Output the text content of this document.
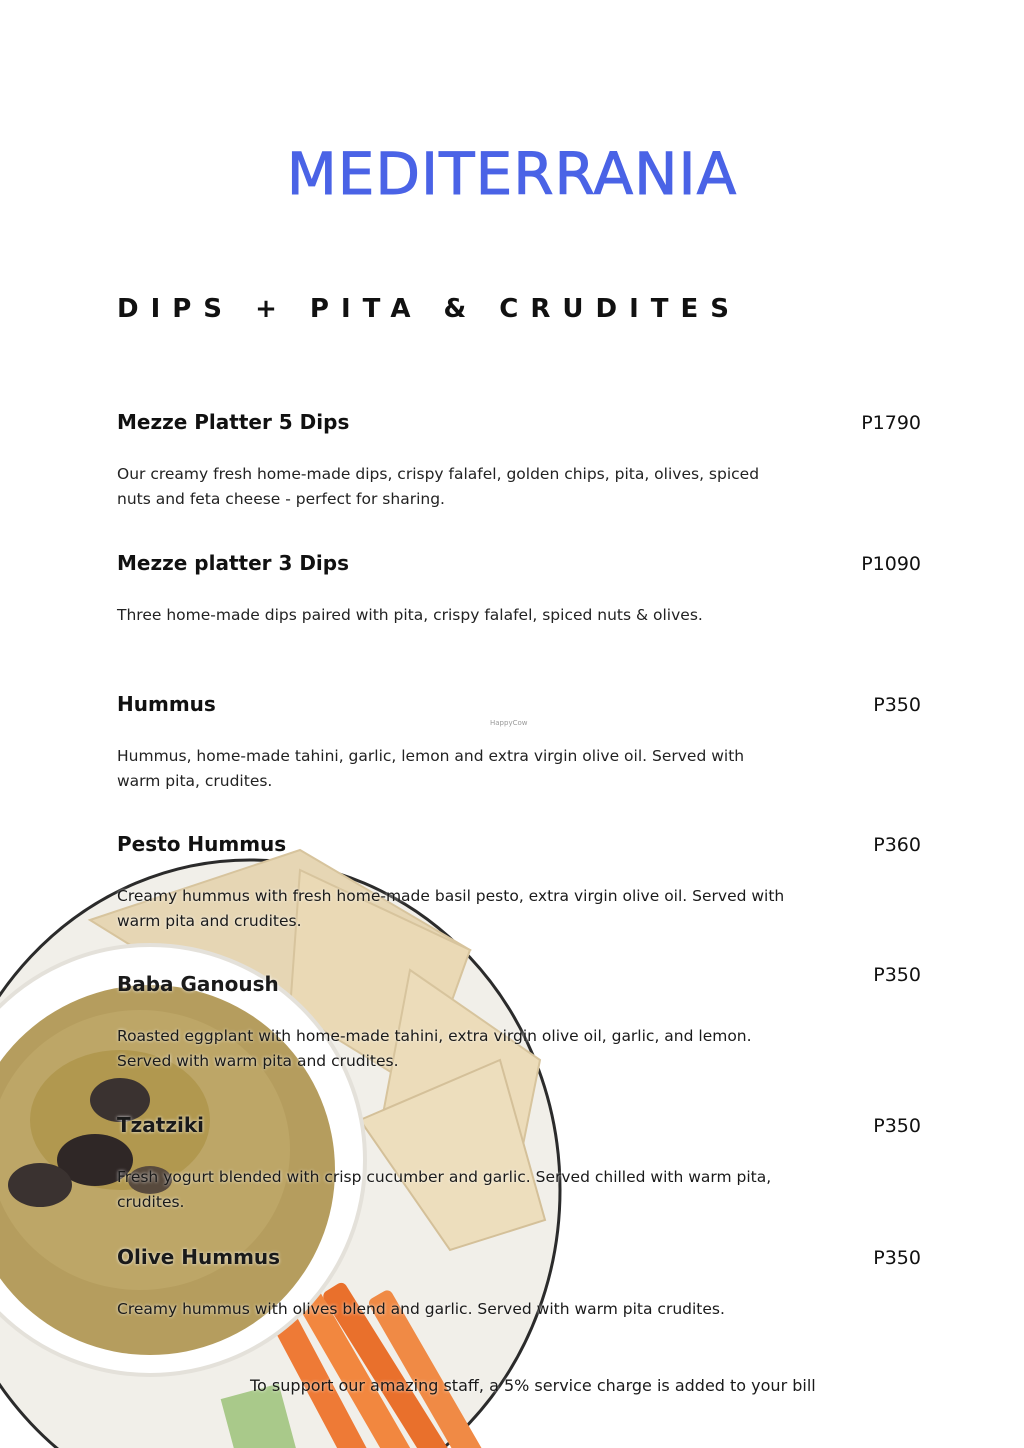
MEDITERRANIA
DIPS + PITA & CRUDITES
Mezze Platter 5 Dips	P1790
Our creamy fresh home-made dips, crispy falafel, golden chips, pita, olives, spiced nuts and feta cheese - perfect for sharing.
Mezze platter 3 Dips	P1090
Three home-made dips paired with pita, crispy falafel, spiced nuts & olives.
Hummus	P350
Hummus, home-made tahini, garlic, lemon and extra virgin olive oil. Served with warm pita, crudites.
HappyCow
Pesto Hummus	P360
Creamy hummus with fresh home-made basil pesto, extra virgin olive oil. Served with warm pita and crudites.
Baba Ganoush	P350
Roasted eggplant with home-made tahini, extra virgin olive oil, garlic, and lemon. Served with warm pita and crudites.
Tzatziki	P350
Fresh yogurt blended with crisp cucumber and garlic. Served chilled with warm pita, crudites.
Olive Hummus	P350
Creamy hummus with olives blend and garlic. Served with warm pita crudites.
To support our amazing staff, a 5% service charge is added to your bill
